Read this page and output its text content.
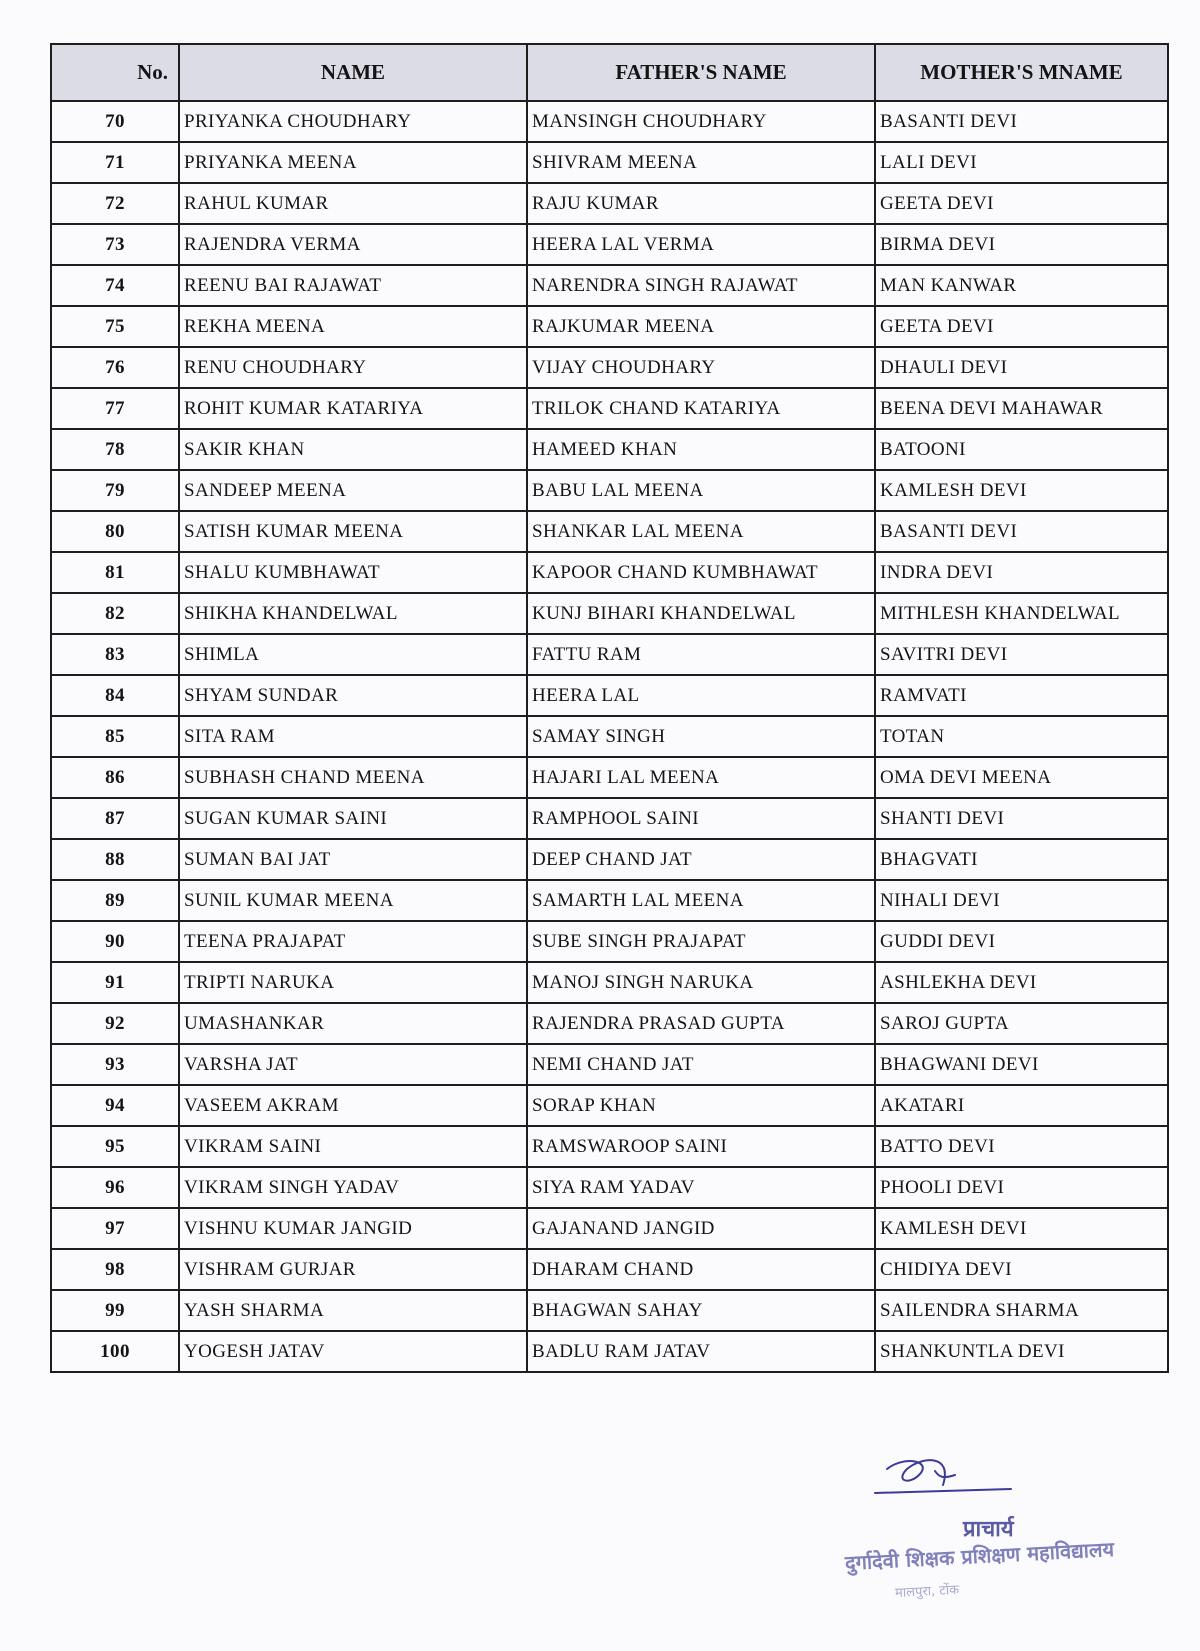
No.	NAME	FATHER'S NAME	MOTHER'S MNAME
70	PRIYANKA CHOUDHARY	MANSINGH CHOUDHARY	BASANTI DEVI
71	PRIYANKA MEENA	SHIVRAM MEENA	LALI DEVI
72	RAHUL KUMAR	RAJU KUMAR	GEETA DEVI
73	RAJENDRA VERMA	HEERA LAL VERMA	BIRMA DEVI
74	REENU BAI RAJAWAT	NARENDRA SINGH RAJAWAT	MAN KANWAR
75	REKHA MEENA	RAJKUMAR MEENA	GEETA DEVI
76	RENU CHOUDHARY	VIJAY CHOUDHARY	DHAULI DEVI
77	ROHIT KUMAR KATARIYA	TRILOK CHAND KATARIYA	BEENA DEVI MAHAWAR
78	SAKIR KHAN	HAMEED KHAN	BATOONI
79	SANDEEP MEENA	BABU LAL MEENA	KAMLESH DEVI
80	SATISH KUMAR MEENA	SHANKAR LAL MEENA	BASANTI DEVI
81	SHALU KUMBHAWAT	KAPOOR CHAND KUMBHAWAT	INDRA DEVI
82	SHIKHA KHANDELWAL	KUNJ BIHARI KHANDELWAL	MITHLESH KHANDELWAL
83	SHIMLA	FATTU RAM	SAVITRI DEVI
84	SHYAM SUNDAR	HEERA LAL	RAMVATI
85	SITA RAM	SAMAY SINGH	TOTAN
86	SUBHASH CHAND MEENA	HAJARI LAL MEENA	OMA DEVI MEENA
87	SUGAN KUMAR SAINI	RAMPHOOL SAINI	SHANTI DEVI
88	SUMAN BAI JAT	DEEP CHAND JAT	BHAGVATI
89	SUNIL KUMAR MEENA	SAMARTH LAL MEENA	NIHALI DEVI
90	TEENA PRAJAPAT	SUBE SINGH PRAJAPAT	GUDDI DEVI
91	TRIPTI NARUKA	MANOJ SINGH NARUKA	ASHLEKHA DEVI
92	UMASHANKAR	RAJENDRA PRASAD GUPTA	SAROJ GUPTA
93	VARSHA JAT	NEMI CHAND JAT	BHAGWANI DEVI
94	VASEEM AKRAM	SORAP KHAN	AKATARI
95	VIKRAM SAINI	RAMSWAROOP SAINI	BATTO DEVI
96	VIKRAM SINGH YADAV	SIYA RAM YADAV	PHOOLI DEVI
97	VISHNU KUMAR JANGID	GAJANAND JANGID	KAMLESH DEVI
98	VISHRAM GURJAR	DHARAM CHAND	CHIDIYA DEVI
99	YASH SHARMA	BHAGWAN SAHAY	SAILENDRA SHARMA
100	YOGESH JATAV	BADLU RAM JATAV	SHANKUNTLA DEVI
प्राचार्य
दुर्गादेवी शिक्षक प्रशिक्षण महाविद्यालय
मालपुरा, टोंक
